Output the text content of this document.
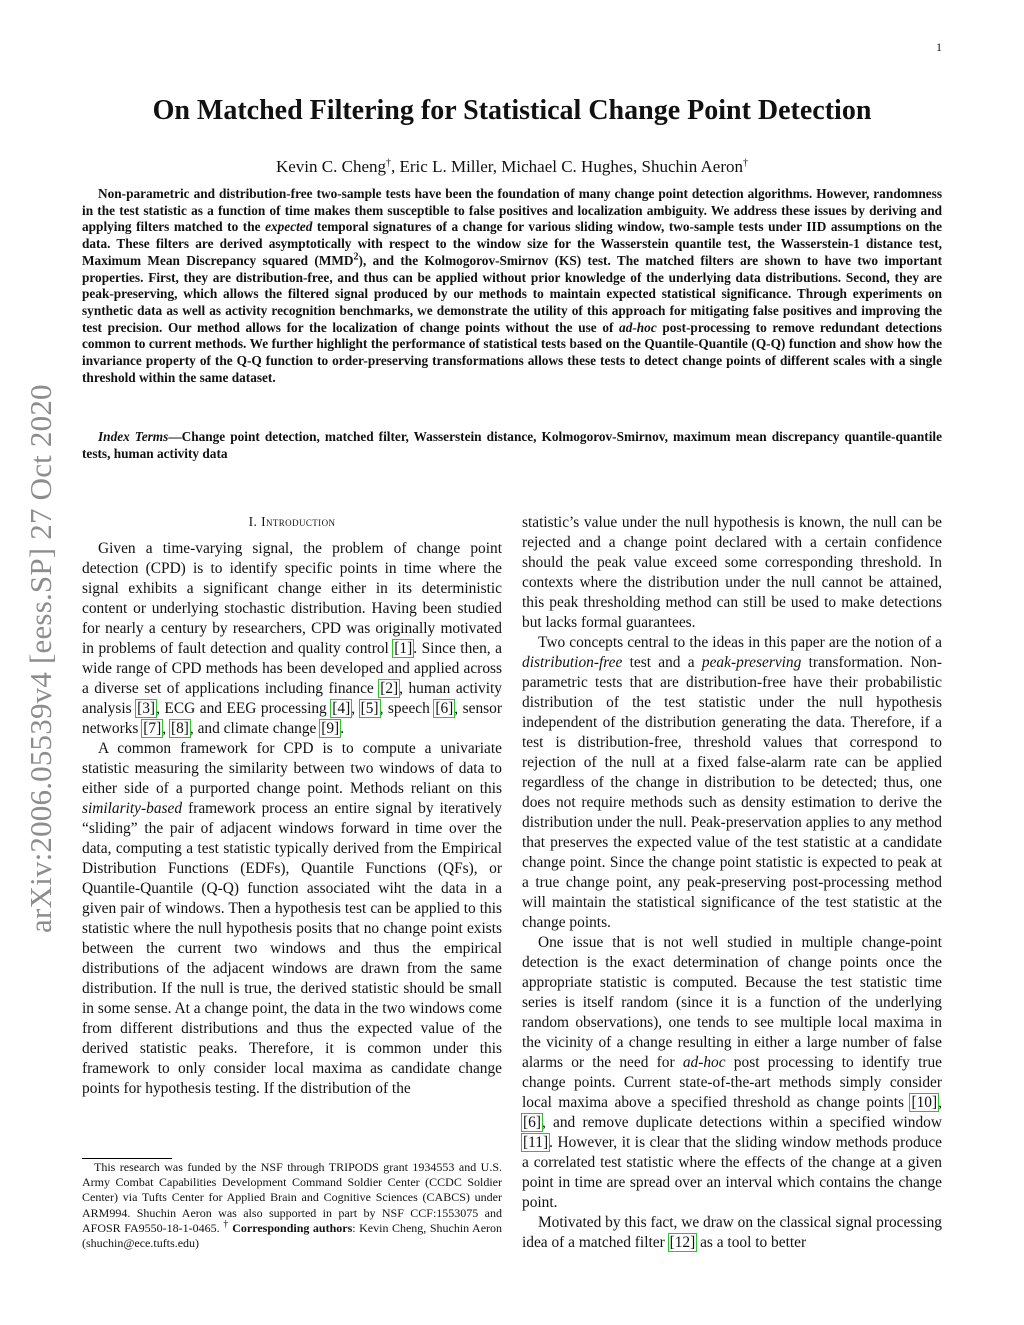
1
arXiv:2006.05539v4 [eess.SP] 27 Oct 2020
On Matched Filtering for Statistical Change Point Detection
Kevin C. Cheng†, Eric L. Miller, Michael C. Hughes, Shuchin Aeron†
Non-parametric and distribution-free two-sample tests have been the foundation of many change point detection algorithms. However, randomness in the test statistic as a function of time makes them susceptible to false positives and localization ambiguity. We address these issues by deriving and applying filters matched to the expected temporal signatures of a change for various sliding window, two-sample tests under IID assumptions on the data. These filters are derived asymptotically with respect to the window size for the Wasserstein quantile test, the Wasserstein-1 distance test, Maximum Mean Discrepancy squared (MMD$^2$), and the Kolmogorov-Smirnov (KS) test. The matched filters are shown to have two important properties. First, they are distribution-free, and thus can be applied without prior knowledge of the underlying data distributions. Second, they are peak-preserving, which allows the filtered signal produced by our methods to maintain expected statistical significance. Through experiments on synthetic data as well as activity recognition benchmarks, we demonstrate the utility of this approach for mitigating false positives and improving the test precision. Our method allows for the localization of change points without the use of ad-hoc post-processing to remove redundant detections common to current methods. We further highlight the performance of statistical tests based on the Quantile-Quantile (Q-Q) function and show how the invariance property of the Q-Q function to order-preserving transformations allows these tests to detect change points of different scales with a single threshold within the same dataset.
Index Terms—Change point detection, matched filter, Wasserstein distance, Kolmogorov-Smirnov, maximum mean discrepancy quantile-quantile tests, human activity data
I. Introduction

Given a time-varying signal, the problem of change point detection (CPD) is to identify specific points in time where the signal exhibits a significant change either in its deterministic content or underlying stochastic distribution. Having been studied for nearly a century by researchers, CPD was originally motivated in problems of fault detection and quality control [1]. Since then, a wide range of CPD methods has been developed and applied across a diverse set of applications including finance [2], human activity analysis [3], ECG and EEG processing [4], [5], speech [6], sensor networks [7], [8], and climate change [9].

A common framework for CPD is to compute a univariate statistic measuring the similarity between two windows of data to either side of a purported change point. Methods reliant on this similarity-based framework process an entire signal by iteratively “sliding” the pair of adjacent windows forward in time over the data, computing a test statistic typically derived from the Empirical Distribution Functions (EDFs), Quantile Functions (QFs), or Quantile-Quantile (Q-Q) function associated wiht the data in a given pair of windows. Then a hypothesis test can be applied to this statistic where the null hypothesis posits that no change point exists between the current two windows and thus the empirical distributions of the adjacent windows are drawn from the same distribution. If the null is true, the derived statistic should be small in some sense. At a change point, the data in the two windows come from different distributions and thus the expected value of the derived statistic peaks. Therefore, it is common under this framework to only consider local maxima as candidate change points for hypothesis testing. If the distribution of the

statistic’s value under the null hypothesis is known, the null can be rejected and a change point declared with a certain confidence should the peak value exceed some corresponding threshold. In contexts where the distribution under the null cannot be attained, this peak thresholding method can still be used to make detections but lacks formal guarantees.

Two concepts central to the ideas in this paper are the notion of a distribution-free test and a peak-preserving transformation. Non-parametric tests that are distribution-free have their probabilistic distribution of the test statistic under the null hypothesis independent of the distribution generating the data. Therefore, if a test is distribution-free, threshold values that correspond to rejection of the null at a fixed false-alarm rate can be applied regardless of the change in distribution to be detected; thus, one does not require methods such as density estimation to derive the distribution under the null. Peak-preservation applies to any method that preserves the expected value of the test statistic at a candidate change point. Since the change point statistic is expected to peak at a true change point, any peak-preserving post-processing method will maintain the statistical significance of the test statistic at the change points.

One issue that is not well studied in multiple change-point detection is the exact determination of change points once the appropriate statistic is computed. Because the test statistic time series is itself random (since it is a function of the underlying random observations), one tends to see multiple local maxima in the vicinity of a change resulting in either a large number of false alarms or the need for ad-hoc post processing to identify true change points. Current state-of-the-art methods simply consider local maxima above a specified threshold as change points [10], [6], and remove duplicate detections within a specified window [11]. However, it is clear that the sliding window methods produce a correlated test statistic where the effects of the change at a given point in time are spread over an interval which contains the change point.

Motivated by this fact, we draw on the classical signal processing idea of a matched filter [12] as a tool to better

This research was funded by the NSF through TRIPODS grant 1934553 and U.S. Army Combat Capabilities Development Command Soldier Center (CCDC Soldier Center) via Tufts Center for Applied Brain and Cognitive Sciences (CABCS) under ARM994. Shuchin Aeron was also supported in part by NSF CCF:1553075 and AFOSR FA9550-18-1-0465. † Corresponding authors: Kevin Cheng, Shuchin Aeron (shuchin@ece.tufts.edu)
